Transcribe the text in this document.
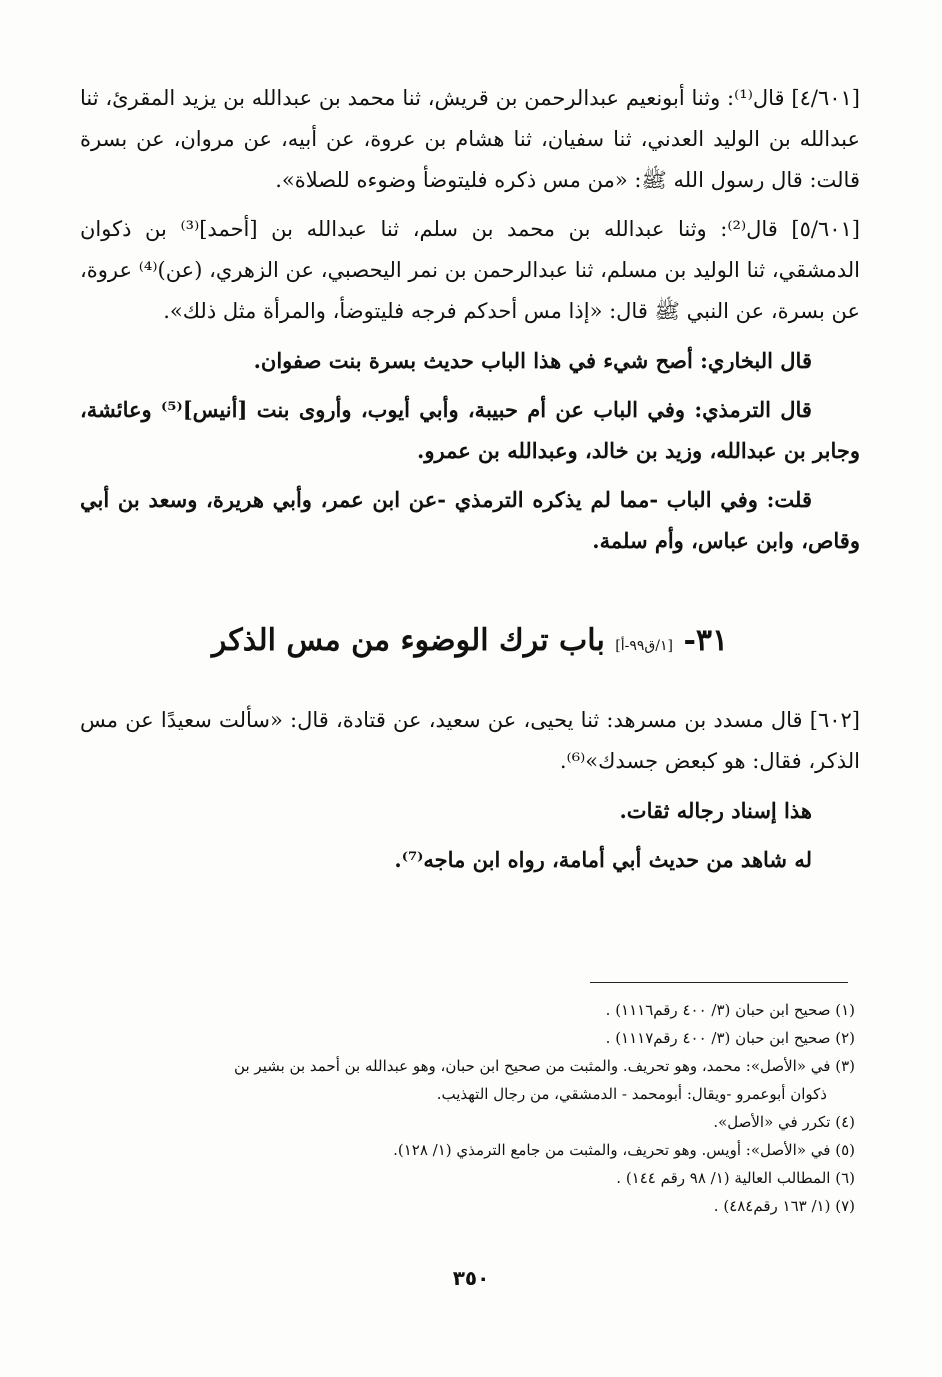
[٤/٦٠١] قال⁽¹⁾: وثنا أبونعيم عبدالرحمن بن قريش، ثنا محمد بن عبدالله بن يزيد المقرئ، ثنا عبدالله بن الوليد العدني، ثنا سفيان، ثنا هشام بن عروة، عن أبيه، عن مروان، عن بسرة قالت: قال رسول الله ﷺ: «من مس ذكره فليتوضأ وضوءه للصلاة».

[٥/٦٠١] قال⁽²⁾: وثنا عبدالله بن محمد بن سلم، ثنا عبدالله بن [أحمد]⁽³⁾ بن ذكوان الدمشقي، ثنا الوليد بن مسلم، ثنا عبدالرحمن بن نمر اليحصبي، عن الزهري، (عن)⁽⁴⁾ عروة، عن بسرة، عن النبي ﷺ قال: «إذا مس أحدكم فرجه فليتوضأ، والمرأة مثل ذلك».

قال البخاري: أصح شيء في هذا الباب حديث بسرة بنت صفوان.

قال الترمذي: وفي الباب عن أم حبيبة، وأبي أيوب، وأروى بنت [أنيس]⁽⁵⁾ وعائشة، وجابر بن عبدالله، وزيد بن خالد، وعبدالله بن عمرو.

قلت: وفي الباب -مما لم يذكره الترمذي -عن ابن عمر، وأبي هريرة، وسعد بن أبي وقاص، وابن عباس، وأم سلمة.

٣١- [١/ق٩٩-أ] باب ترك الوضوء من مس الذكر

[٦٠٢] قال مسدد بن مسرهد: ثنا يحيى، عن سعيد، عن قتادة، قال: «سألت سعيدًا عن مس الذكر، فقال: هو كبعض جسدك»⁽⁶⁾.

هذا إسناد رجاله ثقات.

له شاهد من حديث أبي أمامة، رواه ابن ماجه⁽⁷⁾.

(١) صحيح ابن حبان (٣/ ٤٠٠ رقم١١١٦) .

(٢) صحيح ابن حبان (٣/ ٤٠٠ رقم١١١٧) .

(٣) في «الأصل»: محمد، وهو تحريف. والمثبت من صحيح ابن حبان، وهو عبدالله بن أحمد بن بشير بن

ذكوان أبوعمرو -ويقال: أبومحمد - الدمشقي، من رجال التهذيب.

(٤) تكرر في «الأصل».

(٥) في «الأصل»: أويس. وهو تحريف، والمثبت من جامع الترمذي (١/ ١٢٨).

(٦) المطالب العالية (١/ ٩٨ رقم ١٤٤) .

(٧) (١/ ١٦٣ رقم٤٨٤) .

٣٥٠
